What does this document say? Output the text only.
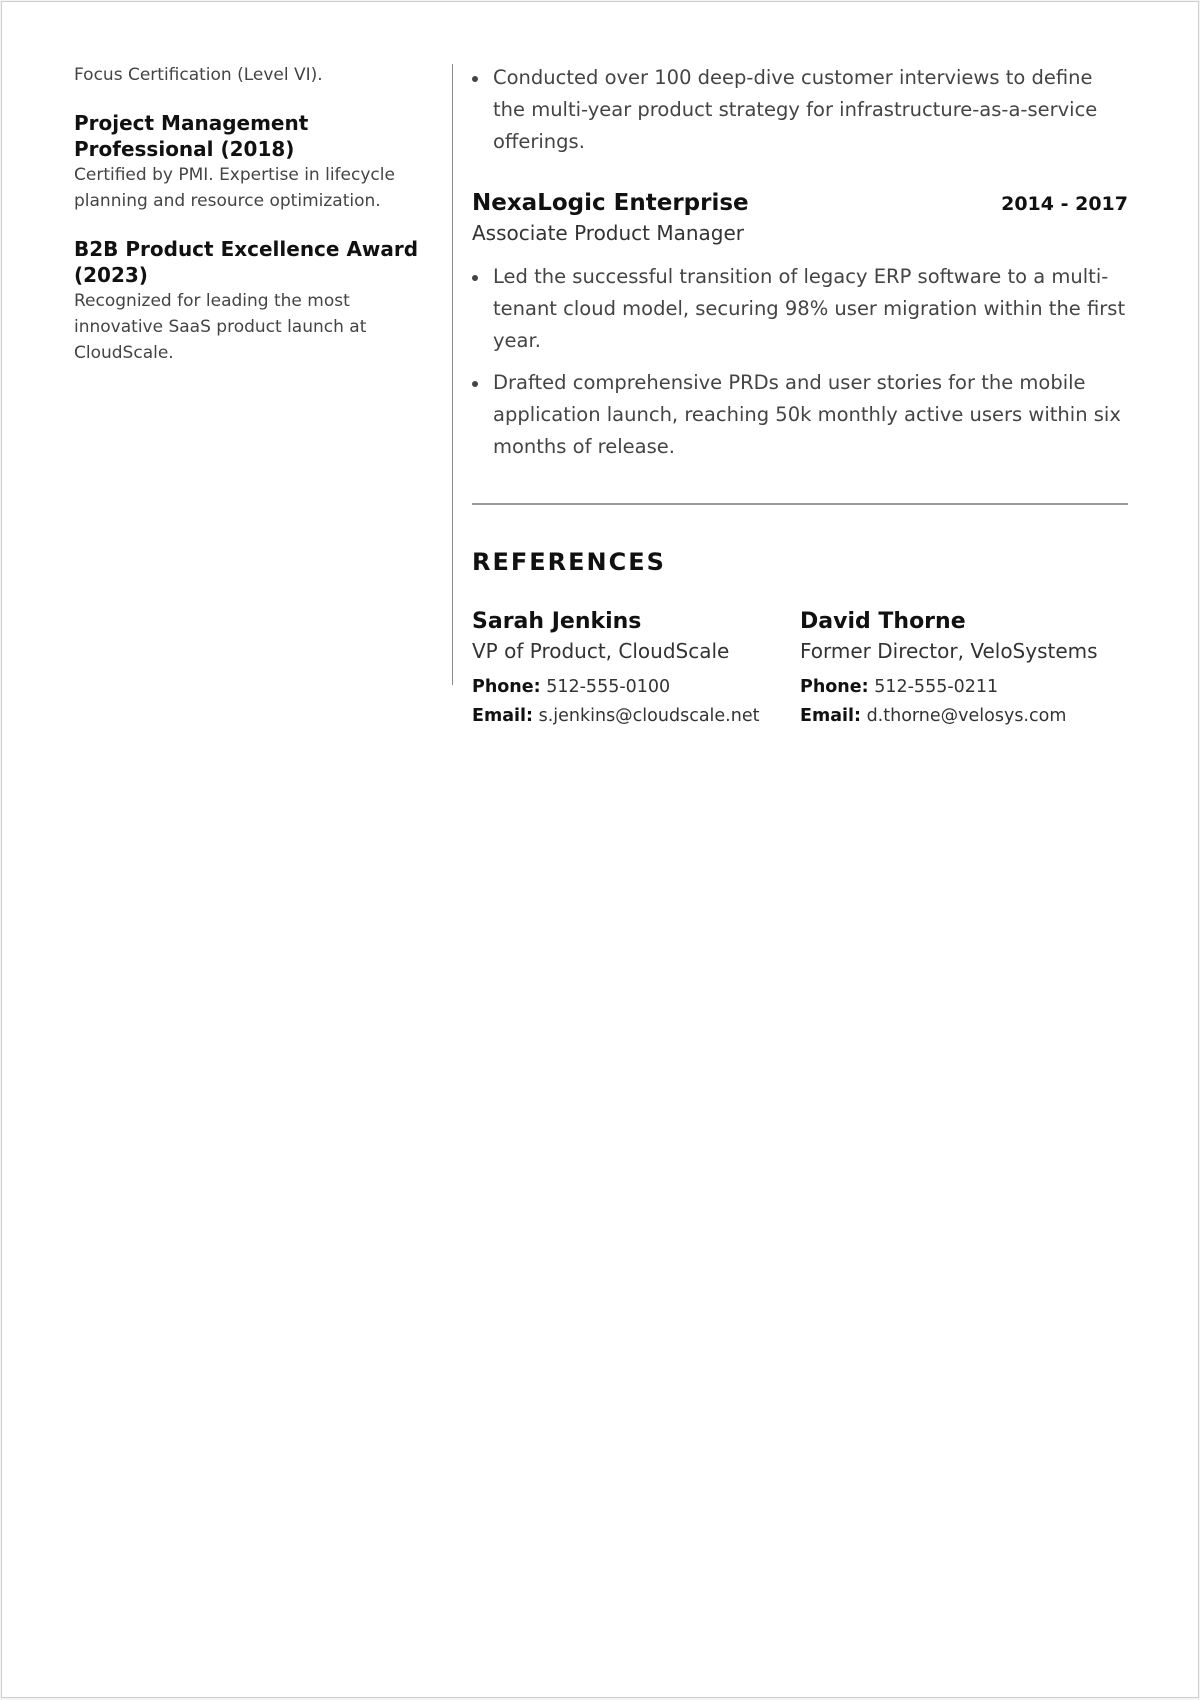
Focus Certification (Level VI).

Project Management Professional (2018)

Certified by PMI. Expertise in lifecycle planning and resource optimization.

B2B Product Excellence Award (2023)

Recognized for leading the most innovative SaaS product launch at CloudScale.

Conducted over 100 deep-dive customer interviews to define the multi-year product strategy for infrastructure-as-a-service offerings.
NexaLogic Enterprise	2014 - 2017
Associate Product Manager
Led the successful transition of legacy ERP software to a multi-tenant cloud model, securing 98% user migration within the first year.
Drafted comprehensive PRDs and user stories for the mobile application launch, reaching 50k monthly active users within six months of release.
REFERENCES
Sarah Jenkins
VP of Product, CloudScale
Phone: 512-555-0100
Email: s.jenkins@cloudscale.net
David Thorne
Former Director, VeloSystems
Phone: 512-555-0211
Email: d.thorne@velosys.com
